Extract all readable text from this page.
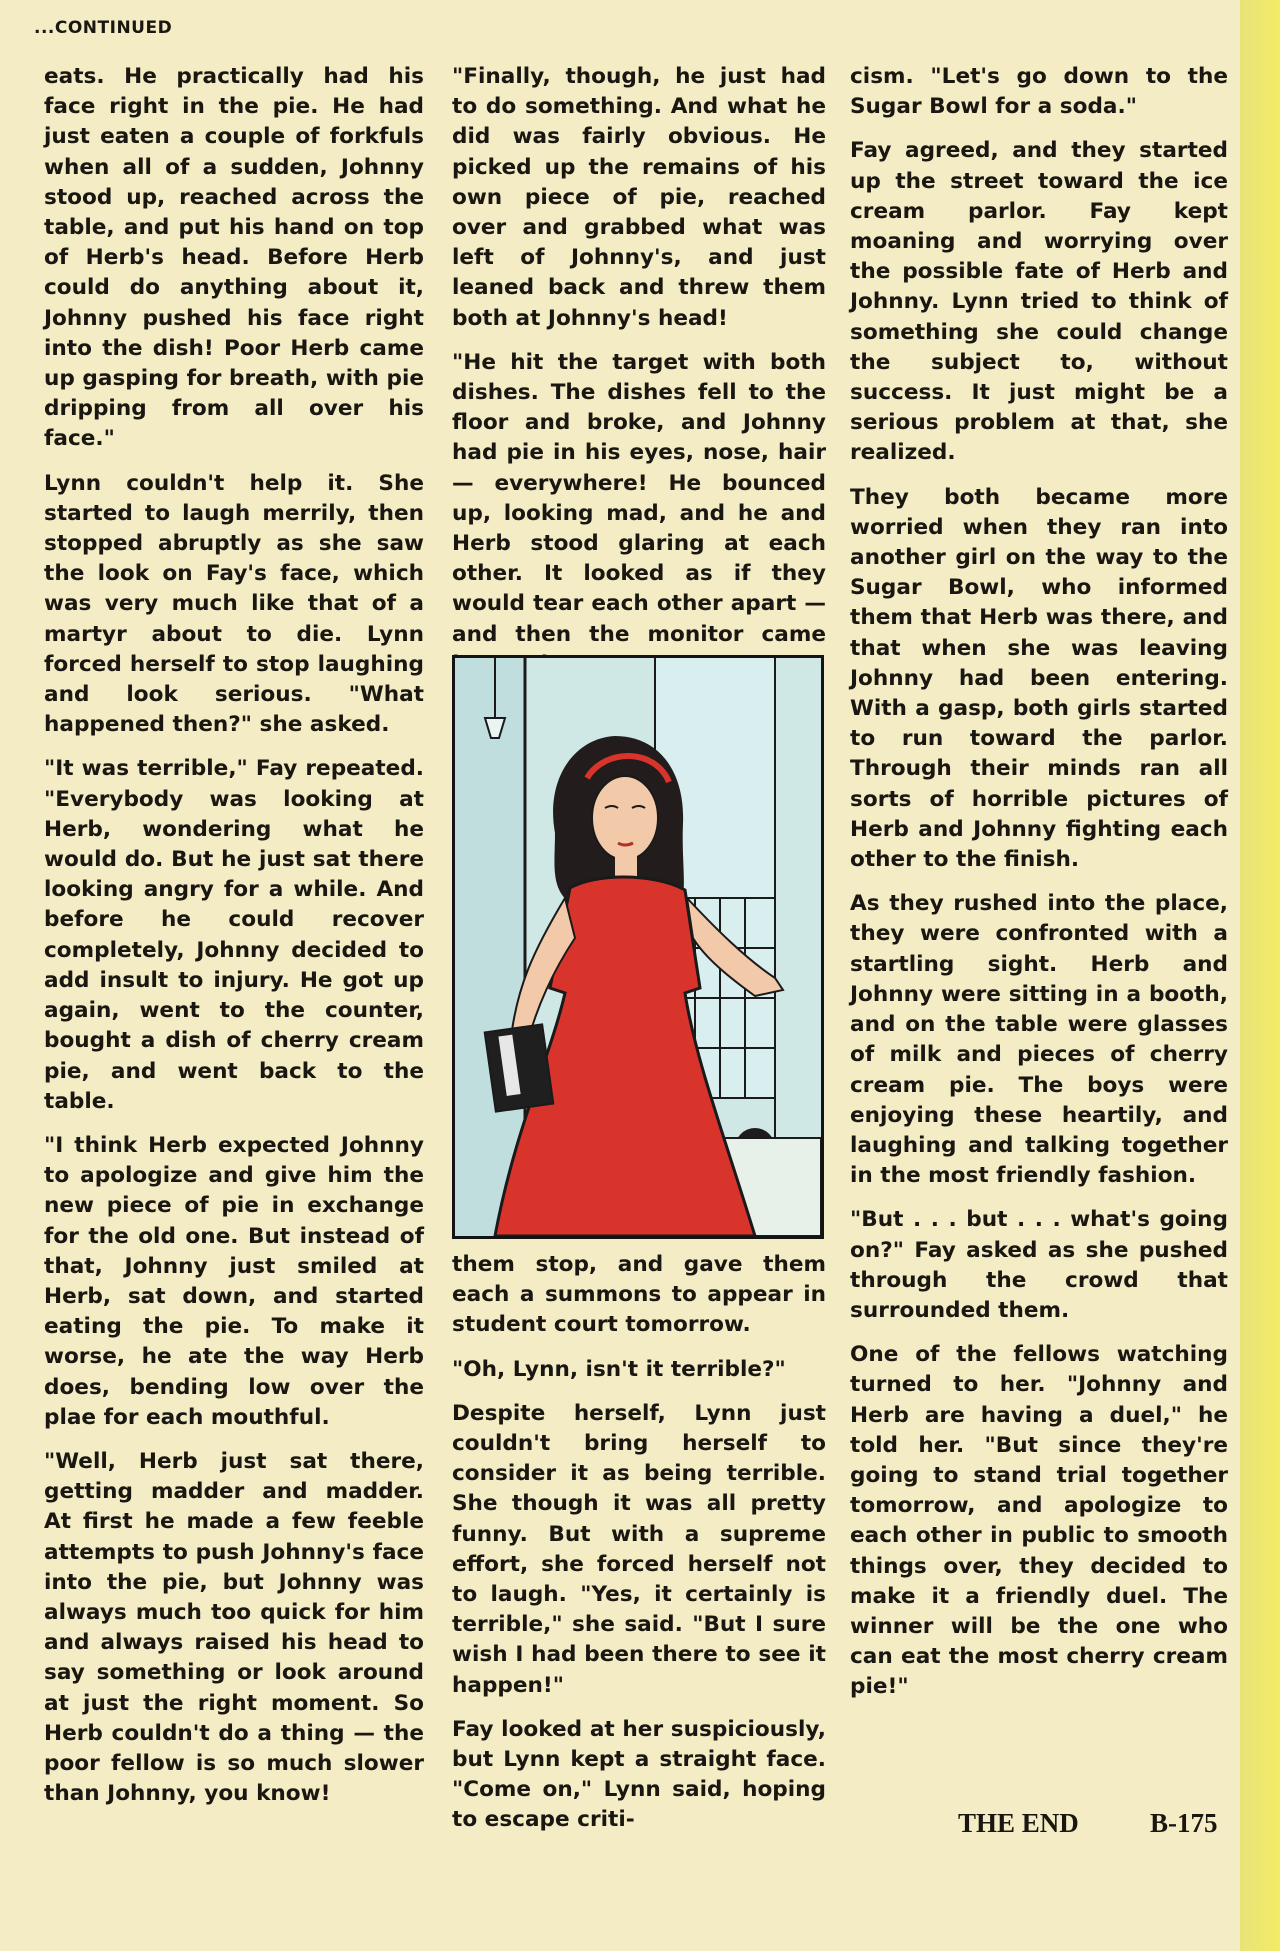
...CONTINUED

eats. He practically had his face right in the pie. He had just eaten a couple of forkfuls when all of a sudden, Johnny stood up, reached across the table, and put his hand on top of Herb's head. Before Herb could do anything about it, Johnny pushed his face right into the dish! Poor Herb came up gasping for breath, with pie dripping from all over his face."

Lynn couldn't help it. She started to laugh merrily, then stopped abruptly as she saw the look on Fay's face, which was very much like that of a martyr about to die. Lynn forced herself to stop laughing and look serious. "What happened then?" she asked.

"It was terrible," Fay repeated. "Everybody was looking at Herb, wondering what he would do. But he just sat there looking angry for a while. And before he could recover completely, Johnny decided to add insult to injury. He got up again, went to the counter, bought a dish of cherry cream pie, and went back to the table.

"I think Herb expected Johnny to apologize and give him the new piece of pie in exchange for the old one. But instead of that, Johnny just smiled at Herb, sat down, and started eating the pie. To make it worse, he ate the way Herb does, bending low over the plae for each mouthful.

"Well, Herb just sat there, getting madder and madder. At first he made a few feeble attempts to push Johnny's face into the pie, but Johnny was always much too quick for him and always raised his head to say something or look around at just the right moment. So Herb couldn't do a thing — the poor fellow is so much slower than Johnny, you know!

"Finally, though, he just had to do something. And what he did was fairly obvious. He picked up the remains of his own piece of pie, reached over and grabbed what was left of Johnny's, and just leaned back and threw them both at Johnny's head!

"He hit the target with both dishes. The dishes fell to the floor and broke, and Johnny had pie in his eyes, nose, hair — everywhere! He bounced up, looking mad, and he and Herb stood glaring at each other. It looked as if they would tear each other apart — and then the monitor came

them stop, and gave them each a summons to appear in student court tomorrow.

"Oh, Lynn, isn't it terrible?"

Despite herself, Lynn just couldn't bring herself to consider it as being terrible. She though it was all pretty funny. But with a supreme effort, she forced herself not to laugh. "Yes, it certainly is terrible," she said. "But I sure wish I had been there to see it happen!"

Fay looked at her suspiciously, but Lynn kept a straight face. "Come on," Lynn said, hoping to escape criti-

cism. "Let's go down to the Sugar Bowl for a soda."

Fay agreed, and they started up the street toward the ice cream parlor. Fay kept moaning and worrying over the possible fate of Herb and Johnny. Lynn tried to think of something she could change the subject to, without success. It just might be a serious problem at that, she realized.

They both became more worried when they ran into another girl on the way to the Sugar Bowl, who informed them that Herb was there, and that when she was leaving Johnny had been entering. With a gasp, both girls started to run toward the parlor. Through their minds ran all sorts of horrible pictures of Herb and Johnny fighting each other to the finish.

As they rushed into the place, they were confronted with a startling sight. Herb and Johnny were sitting in a booth, and on the table were glasses of milk and pieces of cherry cream pie. The boys were enjoying these heartily, and laughing and talking together in the most friendly fashion.

"But . . . but . . . what's going on?" Fay asked as she pushed through the crowd that surrounded them.

One of the fellows watching turned to her. "Johnny and Herb are having a duel," he told her. "But since they're going to stand trial together tomorrow, and apologize to each other in public to smooth things over, they decided to make it a friendly duel. The winner will be the one who can eat the most cherry cream pie!"

THE END	B-175
